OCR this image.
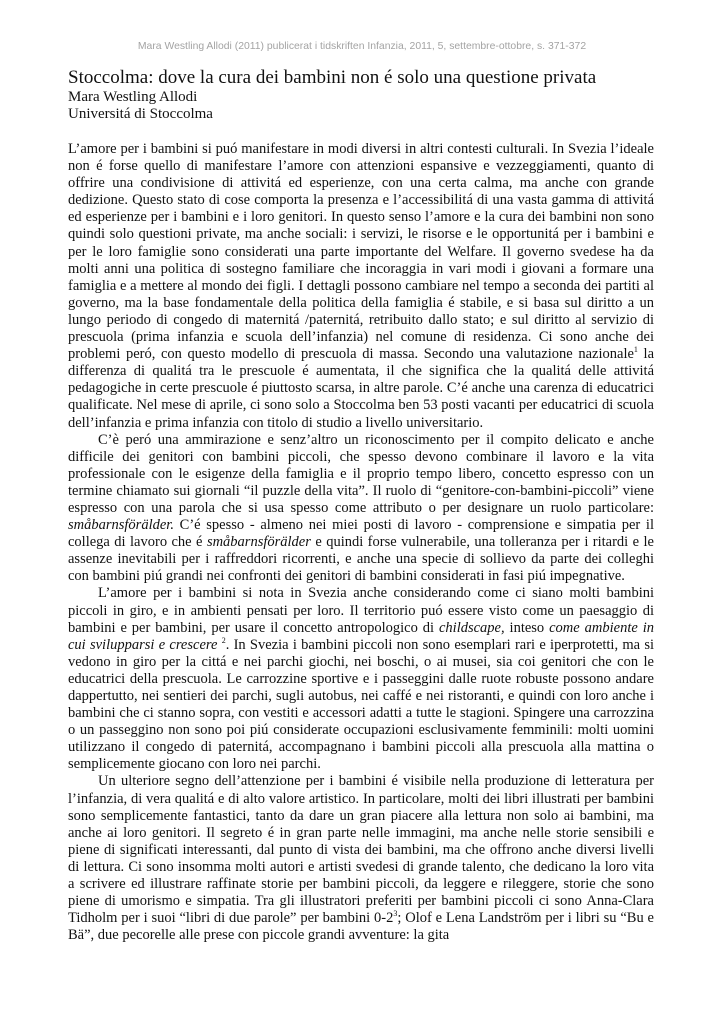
Mara Westling Allodi (2011) publicerat i tidskriften Infanzia, 2011, 5, settembre-ottobre, s. 371-372
Stoccolma: dove la cura dei bambini non é solo una questione privata
Mara Westling Allodi
Universitá di Stoccolma

L’amore per i bambini si puó manifestare in modi diversi in altri contesti culturali. In Svezia l’ideale non é forse quello di manifestare l’amore con attenzioni espansive e vezzeggiamenti, quanto di offrire una condivisione di attivitá ed esperienze, con una certa calma, ma anche con grande dedizione. Questo stato di cose comporta la presenza e l’accessibilitá di una vasta gamma di attivitá ed esperienze per i bambini e i loro genitori. In questo senso l’amore e la cura dei bambini non sono quindi solo questioni private, ma anche sociali: i servizi, le risorse e le opportunitá per i bambini e per le loro famiglie sono considerati una parte importante del Welfare. Il governo svedese ha da molti anni una politica di sostegno familiare che incoraggia in vari modi i giovani a formare una famiglia e a mettere al mondo dei figli. I dettagli possono cambiare nel tempo a seconda dei partiti al governo, ma la base fondamentale della politica della famiglia é stabile, e si basa sul diritto a un lungo periodo di congedo di maternitá /paternitá, retribuito dallo stato; e sul diritto al servizio di prescuola (prima infanzia e scuola dell’infanzia) nel comune di residenza. Ci sono anche dei problemi peró, con questo modello di prescuola di massa. Secondo una valutazione nazionale$^1$ la differenza di qualitá tra le prescuole é aumentata, il che significa che la qualitá delle attivitá pedagogiche in certe prescuole é piuttosto scarsa, in altre parole. C’é anche una carenza di educatrici qualificate. Nel mese di aprile, ci sono solo a Stoccolma ben 53 posti vacanti per educatrici di scuola dell’infanzia e prima infanzia con titolo di studio a livello universitario.

C’è peró una ammirazione e senz’altro un riconoscimento per il compito delicato e anche difficile dei genitori con bambini piccoli, che spesso devono combinare il lavoro e la vita professionale con le esigenze della famiglia e il proprio tempo libero, concetto espresso con un termine chiamato sui giornali “il puzzle della vita”. Il ruolo di “genitore-con-bambini-piccoli” viene espresso con una parola che si usa spesso come attributo o per designare un ruolo particolare: småbarnsförälder. C’é spesso - almeno nei miei posti di lavoro - comprensione e simpatia per il collega di lavoro che é småbarnsförälder e quindi forse vulnerabile, una tolleranza per i ritardi e le assenze inevitabili per i raffreddori ricorrenti, e anche una specie di sollievo da parte dei colleghi con bambini piú grandi nei confronti dei genitori di bambini considerati in fasi piú impegnative.

L’amore per i bambini si nota in Svezia anche considerando come ci siano molti bambini piccoli in giro, e in ambienti pensati per loro. Il territorio puó essere visto come un paesaggio di bambini e per bambini, per usare il concetto antropologico di childscape, inteso come ambiente in cui svilupparsi e crescere $^2$. In Svezia i bambini piccoli non sono esemplari rari e iperprotetti, ma si vedono in giro per la cittá e nei parchi giochi, nei boschi, o ai musei, sia coi genitori che con le educatrici della prescuola. Le carrozzine sportive e i passeggini dalle ruote robuste possono andare dappertutto, nei sentieri dei parchi, sugli autobus, nei caffé e nei ristoranti, e quindi con loro anche i bambini che ci stanno sopra, con vestiti e accessori adatti a tutte le stagioni. Spingere una carrozzina o un passeggino non sono poi piú considerate occupazioni esclusivamente femminili: molti uomini utilizzano il congedo di paternitá, accompagnano i bambini piccoli alla prescuola alla mattina o semplicemente giocano con loro nei parchi.

Un ulteriore segno dell’attenzione per i bambini é visibile nella produzione di letteratura per l’infanzia, di vera qualitá e di alto valore artistico. In particolare, molti dei libri illustrati per bambini sono semplicemente fantastici, tanto da dare un gran piacere alla lettura non solo ai bambini, ma anche ai loro genitori. Il segreto é in gran parte nelle immagini, ma anche nelle storie sensibili e piene di significati interessanti, dal punto di vista dei bambini, ma che offrono anche diversi livelli di lettura. Ci sono insomma molti autori e artisti svedesi di grande talento, che dedicano la loro vita a scrivere ed illustrare raffinate storie per bambini piccoli, da leggere e rileggere, storie che sono piene di umorismo e simpatia. Tra gli illustratori preferiti per bambini piccoli ci sono Anna-Clara Tidholm per i suoi “libri di due parole” per bambini $0-2^3$; Olof e Lena Landström per i libri su “Bu e Bä”, due pecorelle alle prese con piccole grandi avventure: la gita
